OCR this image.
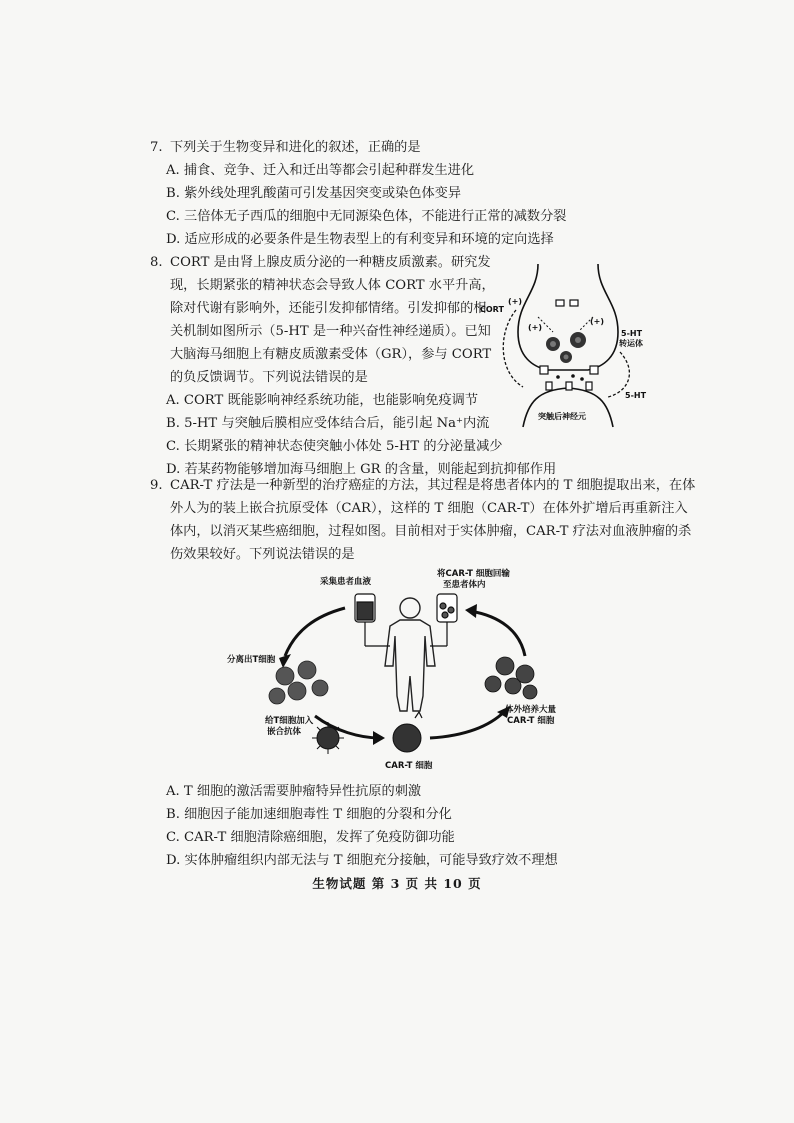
7. 下列关于生物变异和进化的叙述，正确的是
A. 捕食、竞争、迁入和迁出等都会引起种群发生进化
B. 紫外线处理乳酸菌可引发基因突变或染色体变异
C. 三倍体无子西瓜的细胞中无同源染色体，不能进行正常的减数分裂
D. 适应形成的必要条件是生物表型上的有利变异和环境的定向选择
8. CORT 是由肾上腺皮质分泌的一种糖皮质激素。研究发
现，长期紧张的精神状态会导致人体 CORT 水平升高，
除对代谢有影响外，还能引发抑郁情绪。引发抑郁的相
关机制如图所示（5-HT 是一种兴奋性神经递质）。已知
大脑海马细胞上有糖皮质激素受体（GR），参与 CORT
的负反馈调节。下列说法错误的是
A. CORT 既能影响神经系统功能，也能影响免疫调节
B. 5-HT 与突触后膜相应受体结合后，能引起 Na⁺内流
C. 长期紧张的精神状态使突触小体处 5-HT 的分泌量减少
D. 若某药物能够增加海马细胞上 GR 的含量，则能起到抗抑郁作用
CORT
(+)
(+)
(+)
5-HT
转运体
5-HT
突触后神经元
9. CAR-T 疗法是一种新型的治疗癌症的方法，其过程是将患者体内的 T 细胞提取出来，在体
外人为的装上嵌合抗原受体（CAR），这样的 T 细胞（CAR-T）在体外扩增后再重新注入
体内，以消灭某些癌细胞，过程如图。目前相对于实体肿瘤，CAR-T 疗法对血液肿瘤的杀
伤效果较好。下列说法错误的是
采集患者血液
将CAR-T 细胞回输
至患者体内
分离出T细胞
给T细胞加入
嵌合抗体
CAR-T 细胞
体外培养大量
CAR-T 细胞
A. T 细胞的激活需要肿瘤特异性抗原的刺激
B. 细胞因子能加速细胞毒性 T 细胞的分裂和分化
C. CAR-T 细胞清除癌细胞，发挥了免疫防御功能
D. 实体肿瘤组织内部无法与 T 细胞充分接触，可能导致疗效不理想
生物试题 第 3 页 共 10 页
